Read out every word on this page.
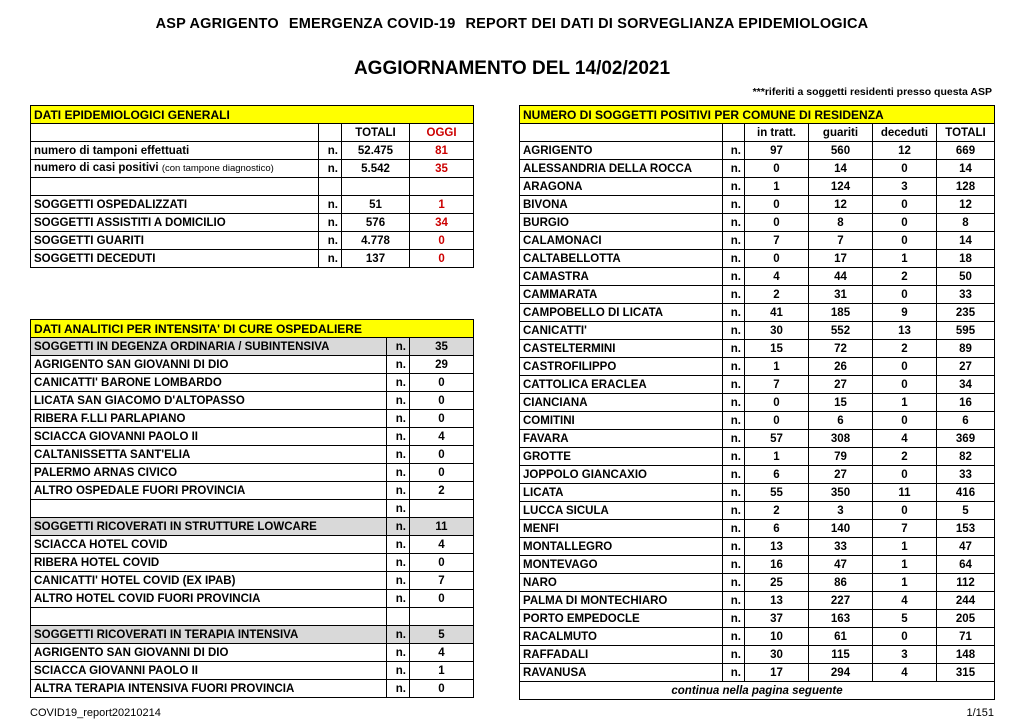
ASP AGRIGENTO EMERGENZA COVID-19 REPORT DEI DATI DI SORVEGLIANZA EPIDEMIOLOGICA
AGGIORNAMENTO DEL 14/02/2021
***riferiti a soggetti residenti presso questa ASP
DATI EPIDEMIOLOGICI GENERALI			
		TOTALI	OGGI
numero di tamponi effettuati	n.	52.475	81
numero di casi positivi (con tampone diagnostico)	n.	5.542	35

SOGGETTI OSPEDALIZZATI	n.	51	1
SOGGETTI ASSISTITI A DOMICILIO	n.	576	34
SOGGETTI GUARITI	n.	4.778	0
SOGGETTI DECEDUTI	n.	137	0
DATI ANALITICI PER INTENSITA' DI CURE OSPEDALIERE		
SOGGETTI IN DEGENZA ORDINARIA / SUBINTENSIVA	n.	35
AGRIGENTO SAN GIOVANNI DI DIO	n.	29
CANICATTI' BARONE LOMBARDO	n.	0
LICATA SAN GIACOMO D'ALTOPASSO	n.	0
RIBERA F.LLI PARLAPIANO	n.	0
SCIACCA GIOVANNI PAOLO II	n.	4
CALTANISSETTA SANT'ELIA	n.	0
PALERMO ARNAS CIVICO	n.	0
ALTRO OSPEDALE FUORI PROVINCIA	n.	2
	n.	
SOGGETTI RICOVERATI IN STRUTTURE LOWCARE	n.	11
SCIACCA HOTEL COVID	n.	4
RIBERA HOTEL COVID	n.	0
CANICATTI' HOTEL COVID (EX IPAB)	n.	7
ALTRO HOTEL COVID FUORI PROVINCIA	n.	0

SOGGETTI RICOVERATI IN TERAPIA INTENSIVA	n.	5
AGRIGENTO SAN GIOVANNI DI DIO	n.	4
SCIACCA GIOVANNI PAOLO II	n.	1
ALTRA TERAPIA INTENSIVA FUORI PROVINCIA	n.	0
NUMERO DI SOGGETTI POSITIVI PER COMUNE DI RESIDENZA					
		in tratt.	guariti	deceduti	TOTALI
AGRIGENTO	n.	97	560	12	669
ALESSANDRIA DELLA ROCCA	n.	0	14	0	14
ARAGONA	n.	1	124	3	128
BIVONA	n.	0	12	0	12
BURGIO	n.	0	8	0	8
CALAMONACI	n.	7	7	0	14
CALTABELLOTTA	n.	0	17	1	18
CAMASTRA	n.	4	44	2	50
CAMMARATA	n.	2	31	0	33
CAMPOBELLO DI LICATA	n.	41	185	9	235
CANICATTI'	n.	30	552	13	595
CASTELTERMINI	n.	15	72	2	89
CASTROFILIPPO	n.	1	26	0	27
CATTOLICA ERACLEA	n.	7	27	0	34
CIANCIANA	n.	0	15	1	16
COMITINI	n.	0	6	0	6
FAVARA	n.	57	308	4	369
GROTTE	n.	1	79	2	82
JOPPOLO GIANCAXIO	n.	6	27	0	33
LICATA	n.	55	350	11	416
LUCCA SICULA	n.	2	3	0	5
MENFI	n.	6	140	7	153
MONTALLEGRO	n.	13	33	1	47
MONTEVAGO	n.	16	47	1	64
NARO	n.	25	86	1	112
PALMA DI MONTECHIARO	n.	13	227	4	244
PORTO EMPEDOCLE	n.	37	163	5	205
RACALMUTO	n.	10	61	0	71
RAFFADALI	n.	30	115	3	148
RAVANUSA	n.	17	294	4	315
continua nella pagina seguente					
COVID19_report20210214	1/151
